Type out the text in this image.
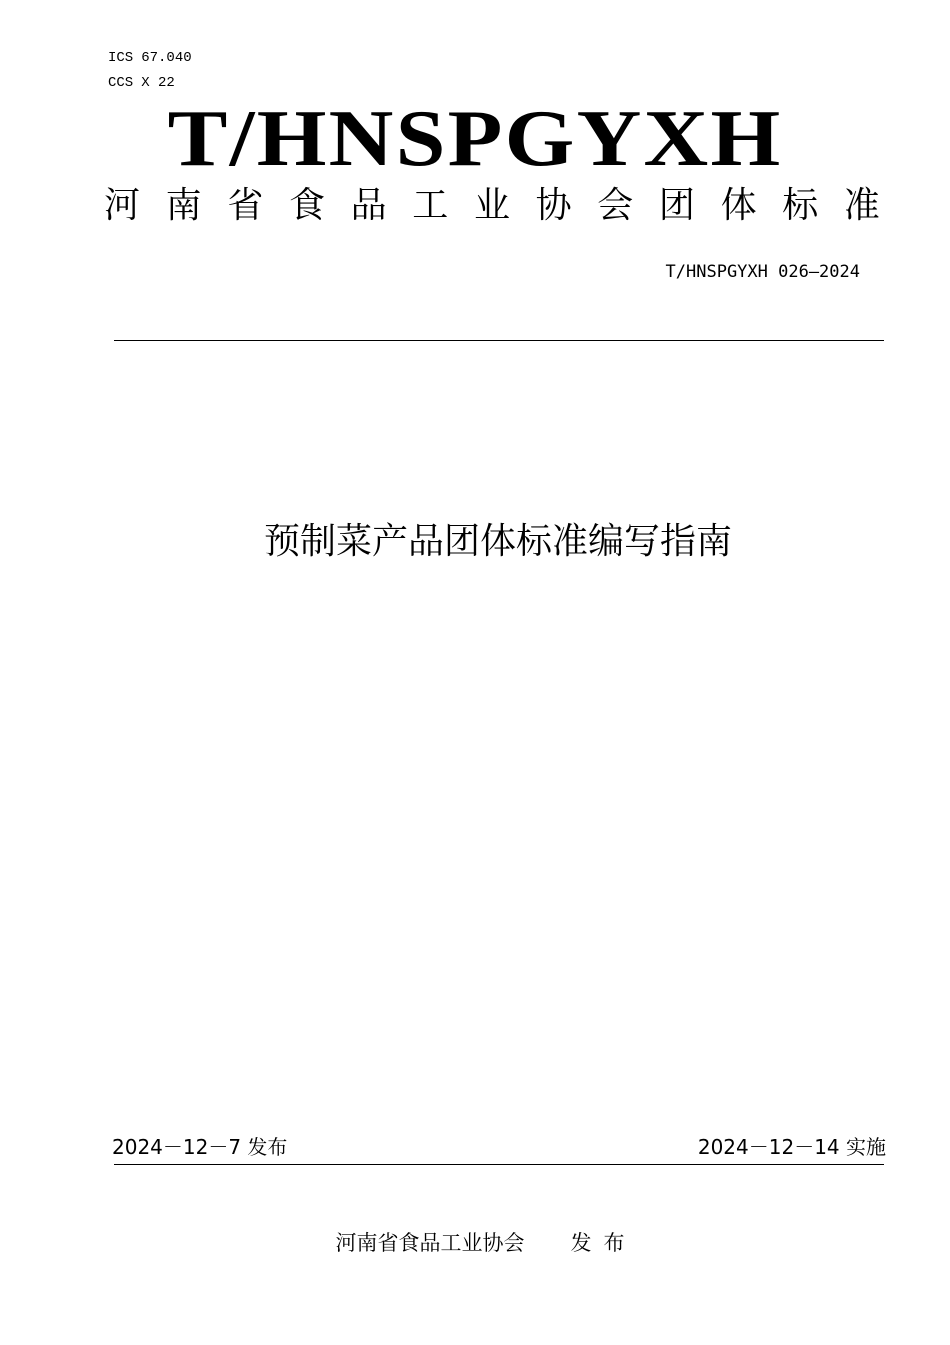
ICS 67.040
CCS X 22
T/HNSPGYXH
河 南 省 食 品 工 业 协 会 团 体 标 准
T/HNSPGYXH 026—2024
预制菜产品团体标准编写指南
2024－12－7 发布	2024－12－14 实施
河南省食品工业协会 发布
